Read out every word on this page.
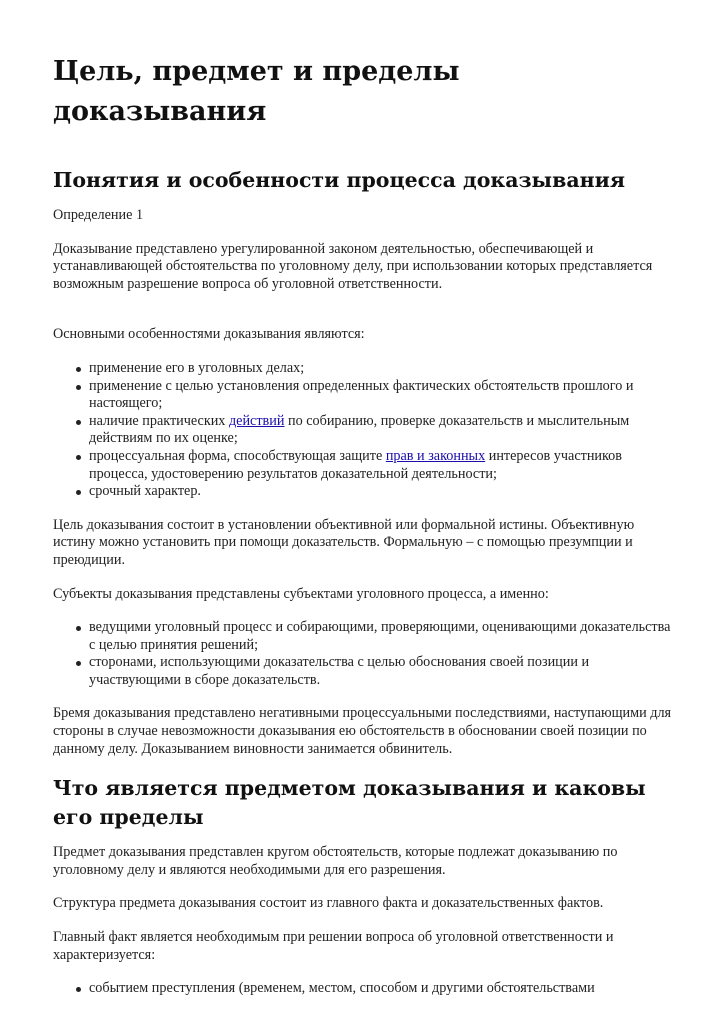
Цель, предмет и пределы доказывания
Понятия и особенности процесса доказывания

Определение 1

Доказывание представлено урегулированной законом деятельностью, обеспечивающей и устанавливающей обстоятельства по уголовному делу, при использовании которых представляется возможным разрешение вопроса об уголовной ответственности.

Основными особенностями доказывания являются:

применение его в уголовных делах;
применение с целью установления определенных фактических обстоятельств прошлого и настоящего;
наличие практических действий по собиранию, проверке доказательств и мыслительным действиям по их оценке;
процессуальная форма, способствующая защите прав и законных интересов участников процесса, удостоверению результатов доказательной деятельности;
срочный характер.

Цель доказывания состоит в установлении объективной или формальной истины. Объективную истину можно установить при помощи доказательств. Формальную – с помощью презумпции и преюдиции.

Субъекты доказывания представлены субъектами уголовного процесса, а именно:

ведущими уголовный процесс и собирающими, проверяющими, оценивающими доказательства с целью принятия решений;
сторонами, использующими доказательства с целью обоснования своей позиции и участвующими в сборе доказательств.

Бремя доказывания представлено негативными процессуальными последствиями, наступающими для стороны в случае невозможности доказывания ею обстоятельств в обосновании своей позиции по данному делу. Доказыванием виновности занимается обвинитель.

Что является предметом доказывания и каковы его пределы

Предмет доказывания представлен кругом обстоятельств, которые подлежат доказыванию по уголовному делу и являются необходимыми для его разрешения.

Структура предмета доказывания состоит из главного факта и доказательственных фактов.

Главный факт является необходимым при решении вопроса об уголовной ответственности и характеризуется:

событием преступления (временем, местом, способом и другими обстоятельствами
